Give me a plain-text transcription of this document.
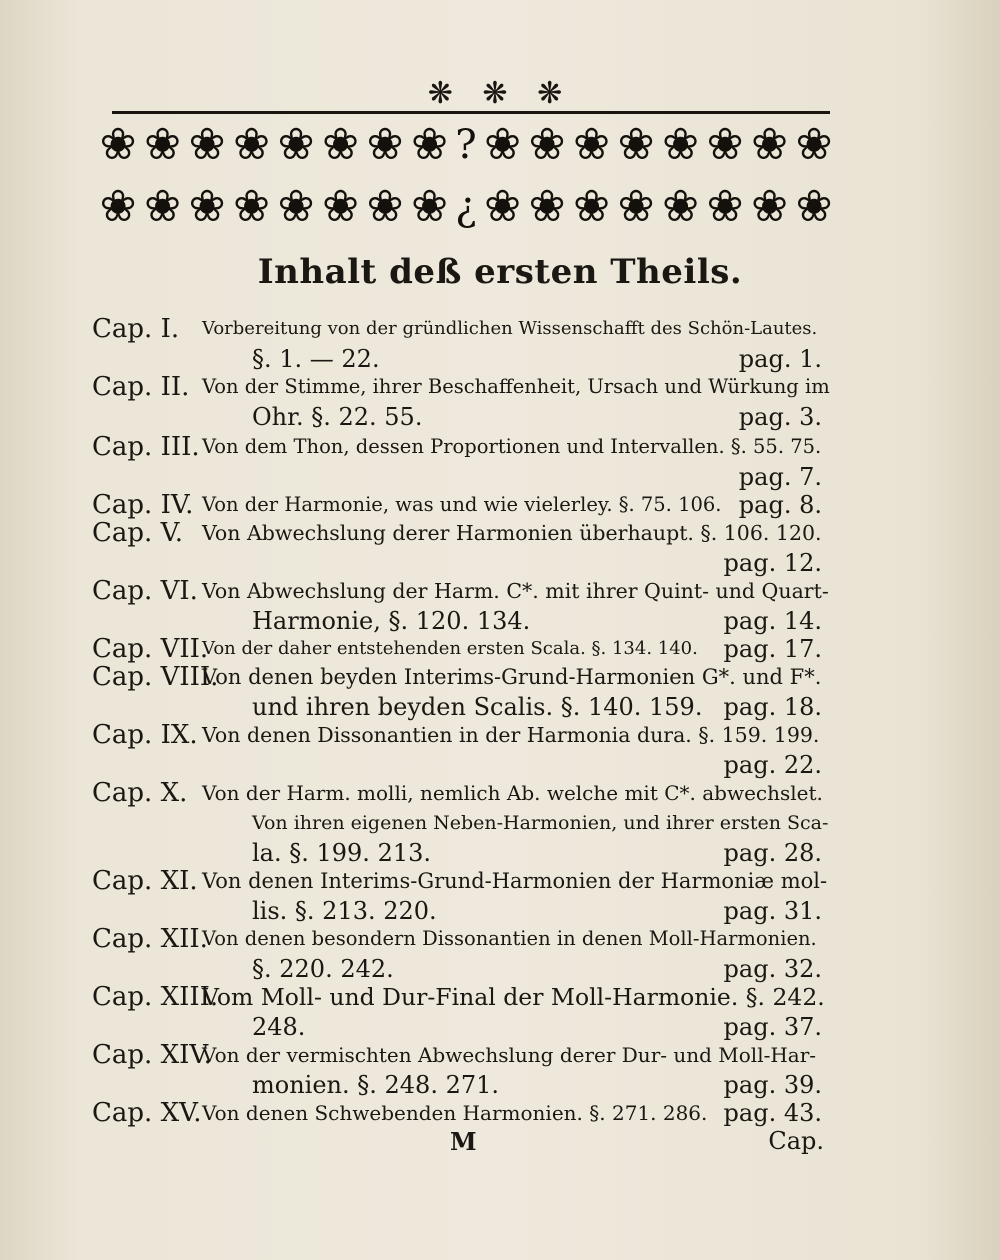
❋ ❋ ❋
❀ ❀ ❀ ❀ ❀ ❀ ❀ ❀ ? ❀ ❀ ❀ ❀ ❀ ❀ ❀ ❀
❀ ❀ ❀ ❀ ❀ ❀ ❀ ❀ ¿ ❀ ❀ ❀ ❀ ❀ ❀ ❀ ❀
Inhalt deß ersten Theils.
Cap. I. Vorbereitung von der gründlichen Wissenschafft des Schön-Lautes.
§. 1. — 22.	pag. 1.
Cap. II. Von der Stimme, ihrer Beschaffenheit, Ursach und Würkung im
Ohr. §. 22. 55.	pag. 3.
Cap. III. Von dem Thon, dessen Proportionen und Intervallen. §. 55. 75.
pag. 7.
Cap. IV. Von der Harmonie, was und wie vielerley. §. 75. 106. pag. 8.
Cap. V. Von Abwechslung derer Harmonien überhaupt. §. 106. 120.
pag. 12.
Cap. VI. Von Abwechslung der Harm. C*. mit ihrer Quint- und Quart-
Harmonie, §. 120. 134.	pag. 14.
Cap. VII.
Von der daher entstehenden ersten Scala. §. 134. 140. pag. 17.
Cap. VIII.
Von denen beyden Interims-Grund-Harmonien G*. und F*.
und ihren beyden Scalis. §. 140. 159. pag. 18.
Cap. IX. Von denen Dissonantien in der Harmonia dura. §. 159. 199.
pag. 22.
Cap. X. Von der Harm. molli, nemlich Ab. welche mit C*. abwechslet.
Von ihren eigenen Neben-Harmonien, und ihrer ersten Sca-
la. §. 199. 213.	pag. 28.
Cap. XI. Von denen Interims-Grund-Harmonien der Harmoniæ mol-
lis. §. 213. 220.	pag. 31.
Cap. XII.
Von denen besondern Dissonantien in denen Moll-Harmonien.
§. 220. 242.	pag. 32.
Cap. XIII.
Vom Moll- und Dur-Final der Moll-Harmonie. §. 242.
248.	pag. 37.
Cap. XIV.
Von der vermischten Abwechslung derer Dur- und Moll-Har-
monien. §. 248. 271.	pag. 39.
Cap. XV. Von denen Schwebenden Harmonien. §. 271. 286. pag. 43.
M	Cap.
